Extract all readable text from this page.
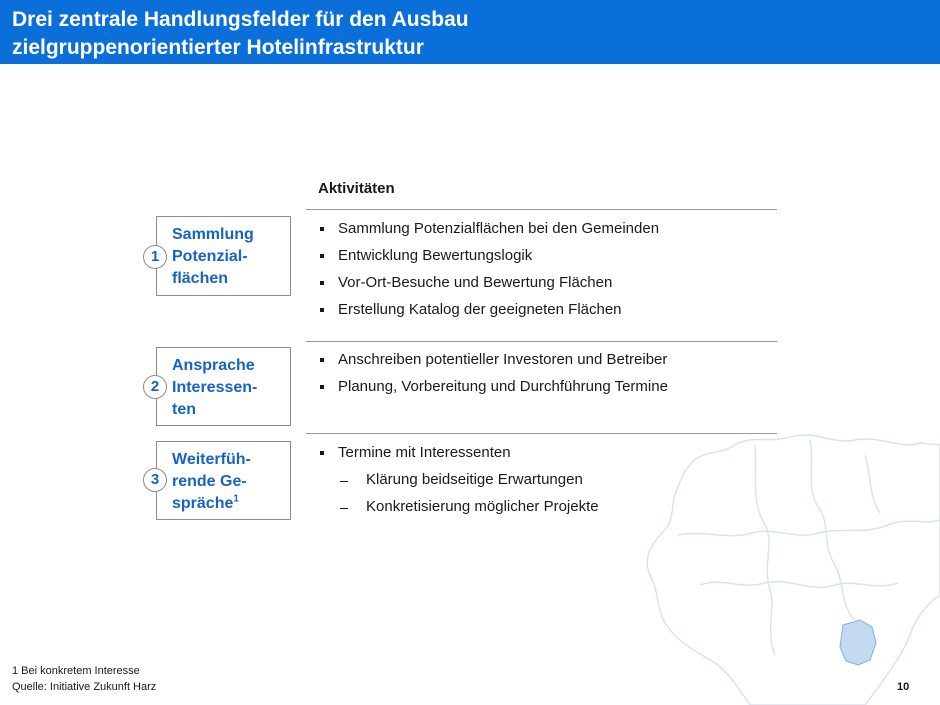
Drei zentrale Handlungsfelder für den Ausbau
zielgruppenorientierter Hotelinfrastruktur
Aktivitäten
Sammlung
Potenzial-
flächen
1
Sammlung Potenzialflächen bei den Gemeinden
Entwicklung Bewertungslogik
Vor-Ort-Besuche und Bewertung Flächen
Erstellung Katalog der geeigneten Flächen
Ansprache
Interessen-
ten
2
Anschreiben potentieller Investoren und Betreiber
Planung, Vorbereitung und Durchführung Termine
Weiterfüh-
rende Ge-
spräche$^1$
3
Termine mit Interessenten
Klärung beidseitige Erwartungen
Konkretisierung möglicher Projekte
1 Bei konkretem Interesse
Quelle: Initiative Zukunft Harz	10
